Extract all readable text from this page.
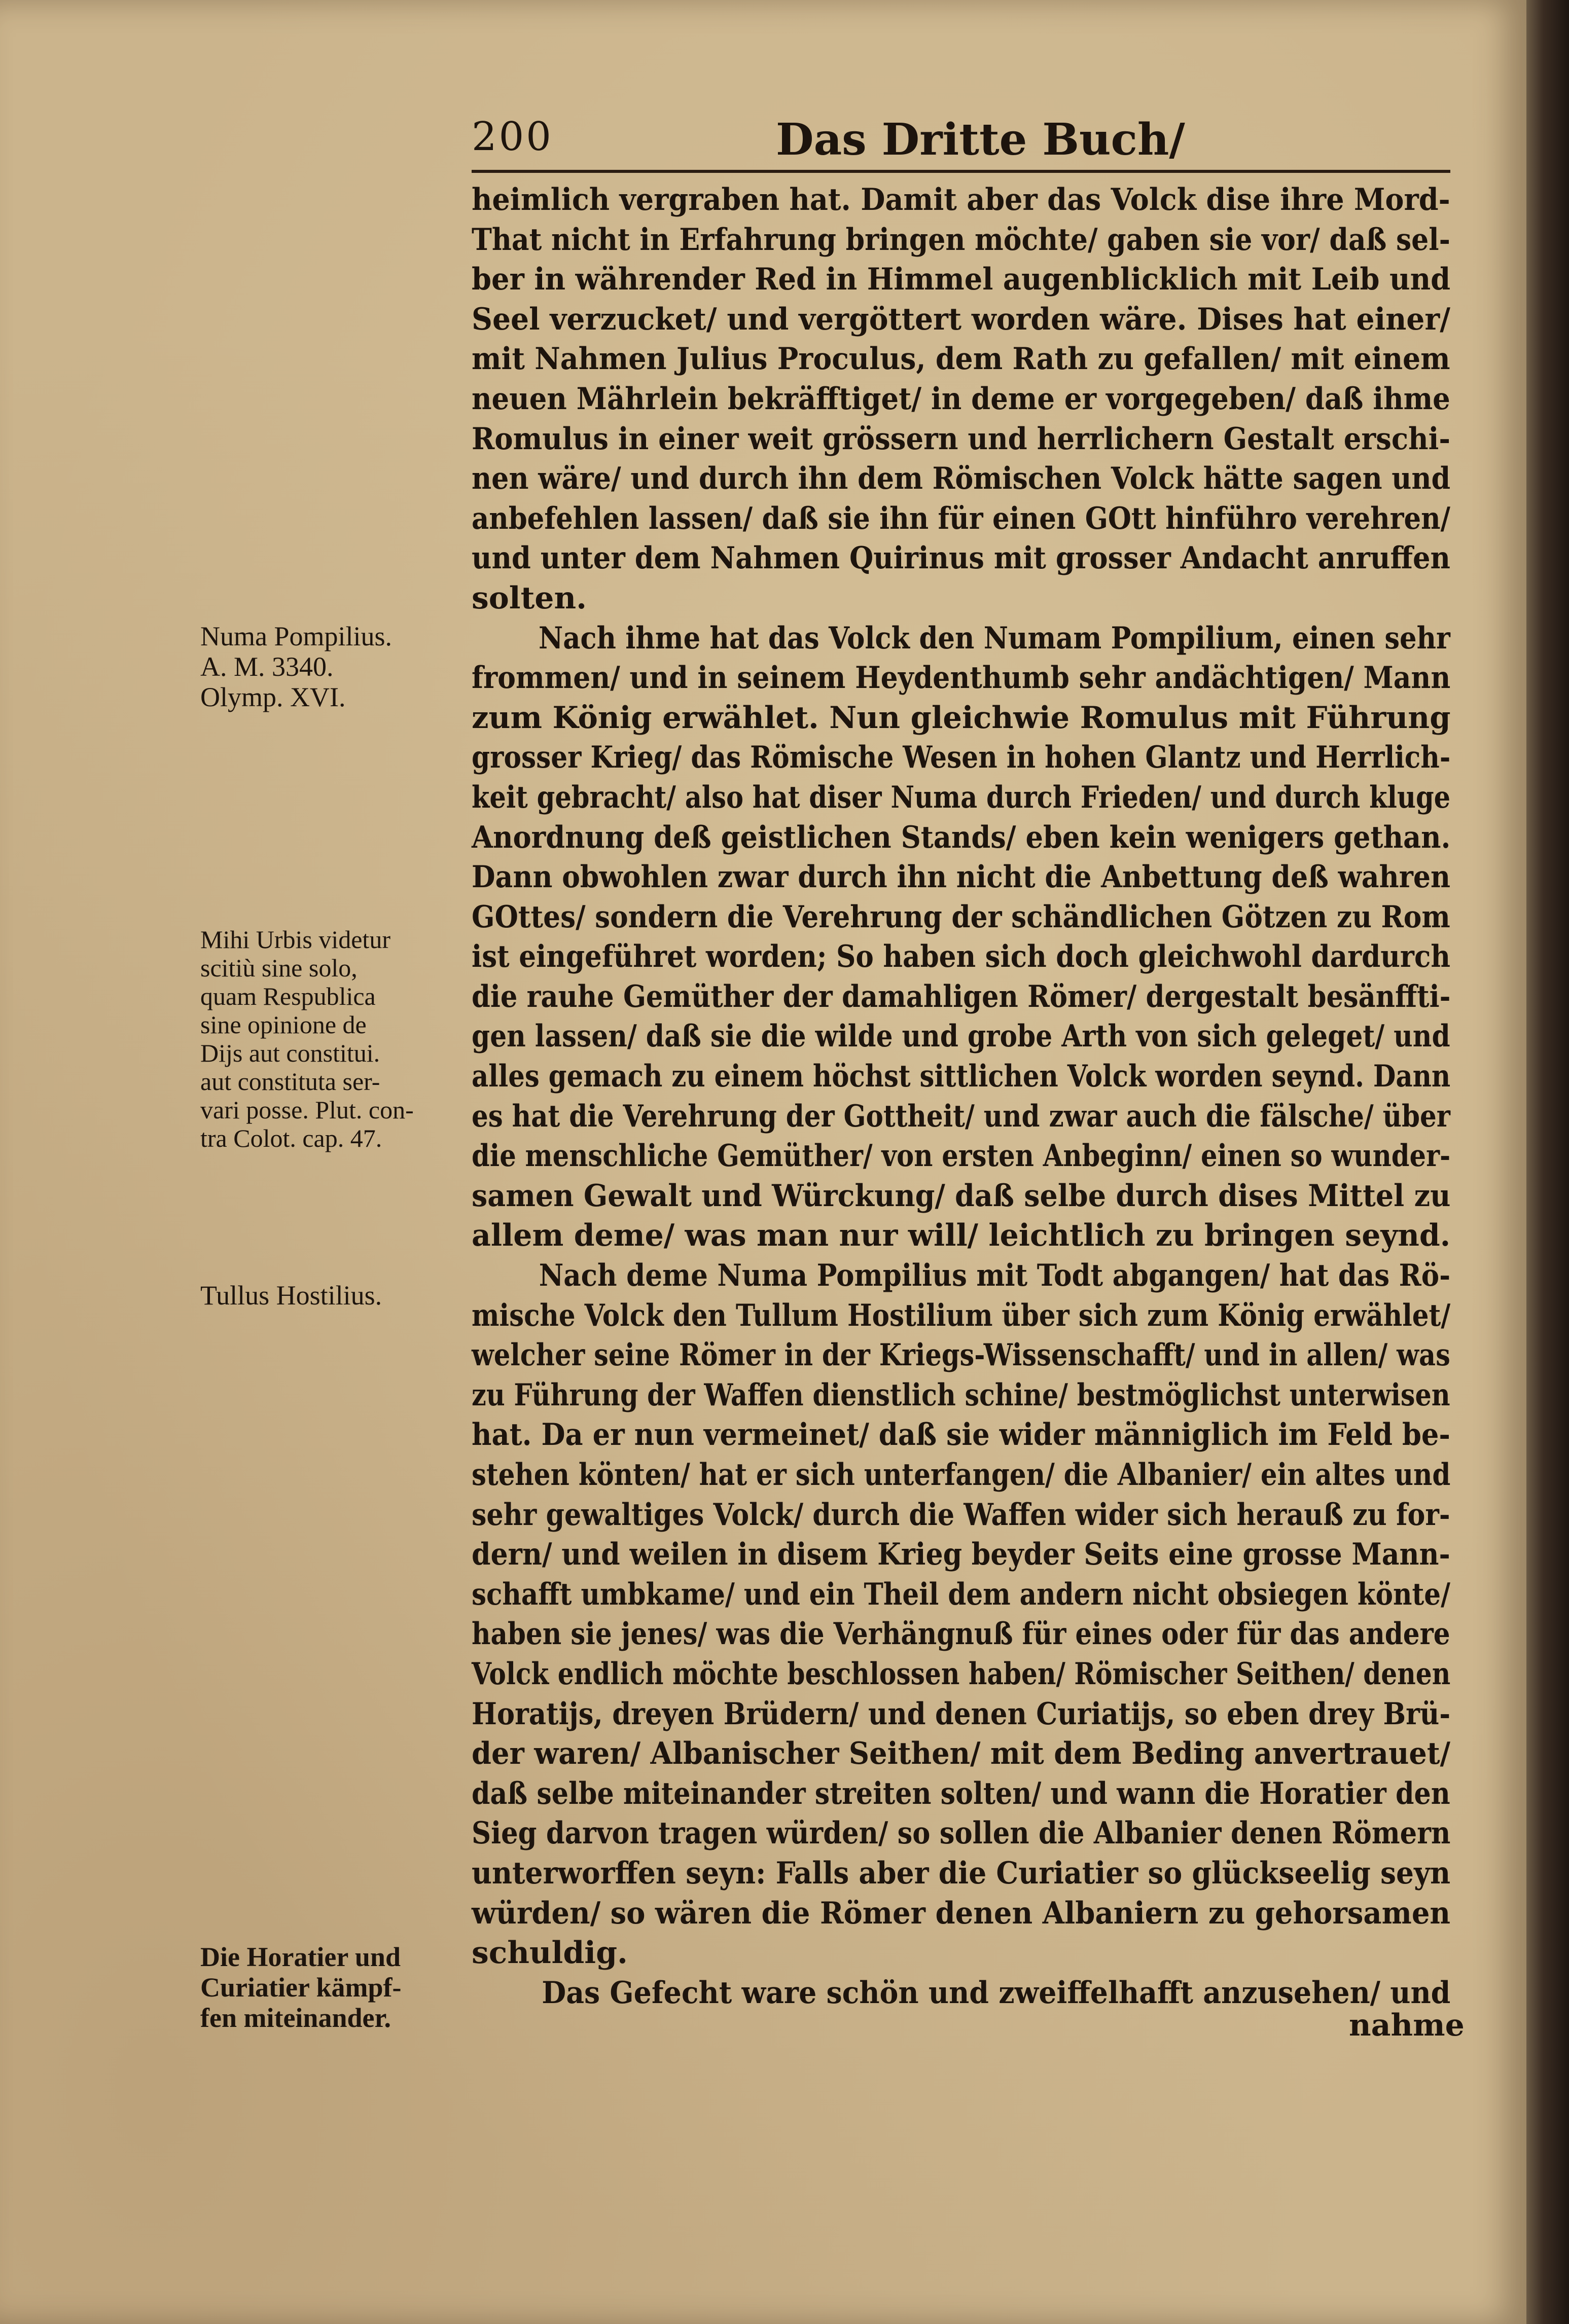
200	Das Dritte Buch/
heimlich vergraben hat. Damit aber das Volck dise ihre Mord-
That nicht in Erfahrung bringen möchte/ gaben sie vor/ daß sel-
ber in währender Red in Himmel augenblicklich mit Leib und
Seel verzucket/ und vergöttert worden wäre. Dises hat einer/
mit Nahmen Julius Proculus, dem Rath zu gefallen/ mit einem
neuen Mährlein bekräfftiget/ in deme er vorgegeben/ daß ihme
Romulus in einer weit grössern und herrlichern Gestalt erschi-
nen wäre/ und durch ihn dem Römischen Volck hätte sagen und
anbefehlen lassen/ daß sie ihn für einen GOtt hinführo verehren/
und unter dem Nahmen Quirinus mit grosser Andacht anruffen
solten.
Nach ihme hat das Volck den Numam Pompilium, einen sehr
frommen/ und in seinem Heydenthumb sehr andächtigen/ Mann
zum König erwählet. Nun gleichwie Romulus mit Führung
grosser Krieg/ das Römische Wesen in hohen Glantz und Herrlich-
keit gebracht/ also hat diser Numa durch Frieden/ und durch kluge
Anordnung deß geistlichen Stands/ eben kein wenigers gethan.
Dann obwohlen zwar durch ihn nicht die Anbettung deß wahren
GOttes/ sondern die Verehrung der schändlichen Götzen zu Rom
ist eingeführet worden; So haben sich doch gleichwohl dardurch
die rauhe Gemüther der damahligen Römer/ dergestalt besänffti-
gen lassen/ daß sie die wilde und grobe Arth von sich geleget/ und
alles gemach zu einem höchst sittlichen Volck worden seynd. Dann
es hat die Verehrung der Gottheit/ und zwar auch die fälsche/ über
die menschliche Gemüther/ von ersten Anbeginn/ einen so wunder-
samen Gewalt und Würckung/ daß selbe durch dises Mittel zu
allem deme/ was man nur will/ leichtlich zu bringen seynd.
Nach deme Numa Pompilius mit Todt abgangen/ hat das Rö-
mische Volck den Tullum Hostilium über sich zum König erwählet/
welcher seine Römer in der Kriegs-Wissenschafft/ und in allen/ was
zu Führung der Waffen dienstlich schine/ bestmöglichst unterwisen
hat. Da er nun vermeinet/ daß sie wider männiglich im Feld be-
stehen könten/ hat er sich unterfangen/ die Albanier/ ein altes und
sehr gewaltiges Volck/ durch die Waffen wider sich herauß zu for-
dern/ und weilen in disem Krieg beyder Seits eine grosse Mann-
schafft umbkame/ und ein Theil dem andern nicht obsiegen könte/
haben sie jenes/ was die Verhängnuß für eines oder für das andere
Volck endlich möchte beschlossen haben/ Römischer Seithen/ denen
Horatijs, dreyen Brüdern/ und denen Curiatijs, so eben drey Brü-
der waren/ Albanischer Seithen/ mit dem Beding anvertrauet/
daß selbe miteinander streiten solten/ und wann die Horatier den
Sieg darvon tragen würden/ so sollen die Albanier denen Römern
unterworffen seyn: Falls aber die Curiatier so glückseelig seyn
würden/ so wären die Römer denen Albaniern zu gehorsamen
schuldig.
Das Gefecht ware schön und zweiffelhafft anzusehen/ und
nahme
Numa Pompilius.
A. M. 3340.
Olymp. XVI.
Mihi Urbis videtur
scitiù sine solo,
quam Respublica
sine opinione de
Dijs aut constitui.
aut constituta ser-
vari posse. Plut. con-
tra Colot. cap. 47.
Tullus Hostilius.
Die Horatier und
Curiatier kämpf-
fen miteinander.
